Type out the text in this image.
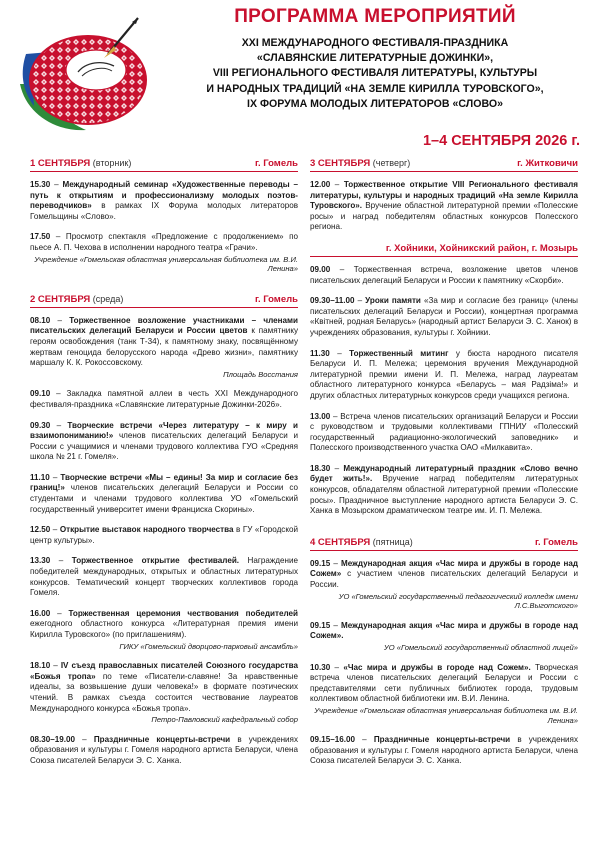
ПРОГРАММА МЕРОПРИЯТИЙ
XXI МЕЖДУНАРОДНОГО ФЕСТИВАЛЯ-ПРАЗДНИКА
«СЛАВЯНСКИЕ ЛИТЕРАТУРНЫЕ ДОЖИНКИ»,
VIII РЕГИОНАЛЬНОГО ФЕСТИВАЛЯ ЛИТЕРАТУРЫ, КУЛЬТУРЫ
И НАРОДНЫХ ТРАДИЦИЙ «НА ЗЕМЛЕ КИРИЛЛА ТУРОВСКОГО»,
IX ФОРУМА МОЛОДЫХ ЛИТЕРАТОРОВ «СЛОВО»
1–4 СЕНТЯБРЯ 2026 г.
1 СЕНТЯБРЯ (вторник)	г. Гомель
15.30 – Международный семинар «Художественные переводы – путь к открытиям и профессионализму молодых поэтов-переводчиков» в рамках IX Форума молодых литераторов Гомельщины «Слово».
17.50 – Просмотр спектакля «Предложение с продолжением» по пьесе А. П. Чехова в исполнении народного театра «Грачи».
Учреждение «Гомельская областная универсальная библиотека им. В.И. Ленина»
2 СЕНТЯБРЯ (среда)	г. Гомель
08.10 – Торжественное возложение участниками – членами писательских делегаций Беларуси и России цветов к памятнику героям освобождения (танк Т-34), к памятному знаку, посвящённому жертвам геноцида белорусского народа «Древо жизни», памятнику маршалу К. К. Рокоссовскому.
Площадь Восстания
09.10 – Закладка памятной аллеи в честь XXI Международного фестиваля-праздника «Славянские литературные Дожинки-2026».
09.30 – Творческие встречи «Через литературу – к миру и взаимопониманию!» членов писательских делегаций Беларуси и России с учащимися и членами трудового коллектива ГУО «Средняя школа № 21 г. Гомеля».
11.10 – Творческие встречи «Мы – едины! За мир и согласие без границ!» членов писательских делегаций Беларуси и России со студентами и членами трудового коллектива УО «Гомельский государственный университет имени Франциска Скорины».
12.50 – Открытие выставок народного творчества в ГУ «Городской центр культуры».
13.30 – Торжественное открытие фестивалей. Награждение победителей международных, открытых и областных литературных конкурсов. Тематический концерт творческих коллективов города Гомеля.
16.00 – Торжественная церемония чествования победителей ежегодного областного конкурса «Литературная премия имени Кирилла Туровского» (по приглашениям).
ГИКУ «Гомельский дворцово-парковый ансамбль»
18.10 – IV съезд православных писателей Союзного государства «Божья тропа» по теме «Писатели-славяне! За нравственные идеалы, за возвышение души человека!» в формате поэтических чтений. В рамках съезда состоится чествование лауреатов Международного конкурса «Божья тропа».
Петро-Павловский кафедральный собор
08.30–19.00 – Праздничные концерты-встречи в учреждениях образования и культуры г. Гомеля народного артиста Беларуси, члена Союза писателей Беларуси Э. С. Ханка.
3 СЕНТЯБРЯ (четверг)	г. Житковичи
12.00 – Торжественное открытие VIII Регионального фестиваля литературы, культуры и народных традиций «На земле Кирилла Туровского». Вручение областной литературной премии «Полесские росы» и наград победителям областных конкурсов Полесского региона.
г. Хойники, Хойникский район, г. Мозырь
09.00 – Торжественная встреча, возложение цветов членов писательских делегаций Беларуси и России к памятнику «Скорби».
09.30–11.00 – Уроки памяти «За мир и согласие без границ» (члены писательских делегаций Беларуси и России), концертная программа «Квітней, родная Беларусь» (народный артист Беларуси Э. С. Ханок) в учреждениях образования, культуры г. Хойники.
11.30 – Торжественный митинг у бюста народного писателя Беларуси И. П. Мележа; церемония вручения Международной литературной премии имени И. П. Мележа, наград лауреатам областного литературного конкурса «Беларусь – мая Радзіма!» и других областных литературных конкурсов среди учащихся региона.
13.00 – Встреча членов писательских организаций Беларуси и России с руководством и трудовыми коллективами ГПНИУ «Полесский государственный радиационно-экологический заповедник» и Полесского производственного участка ОАО «Милкавита».
18.30 – Международный литературный праздник «Слово вечно будет жить!». Вручение наград победителям литературных конкурсов, обладателям областной литературной премии «Полесские росы». Праздничное выступление народного артиста Беларуси Э. С. Ханка в Мозырском драматическом театре им. И. П. Мележа.
4 СЕНТЯБРЯ (пятница)	г. Гомель
09.15 – Международная акция «Час мира и дружбы в городе над Сожем» с участием членов писательских делегаций Беларуси и России.
УО «Гомельский государственный педагогический колледж имени Л.С.Выготского»
09.15 – Международная акция «Час мира и дружбы в городе над Сожем».
УО «Гомельский государственный областной лицей»
10.30 – «Час мира и дружбы в городе над Сожем». Творческая встреча членов писательских делегаций Беларуси и России с представителями сети публичных библиотек города, трудовым коллективом областной библиотеки им. В.И. Ленина.
Учреждение «Гомельская областная универсальная библиотека им. В.И. Ленина»
09.15–16.00 – Праздничные концерты-встречи в учреждениях образования и культуры г. Гомеля народного артиста Беларуси, члена Союза писателей Беларуси Э. С. Ханка.
